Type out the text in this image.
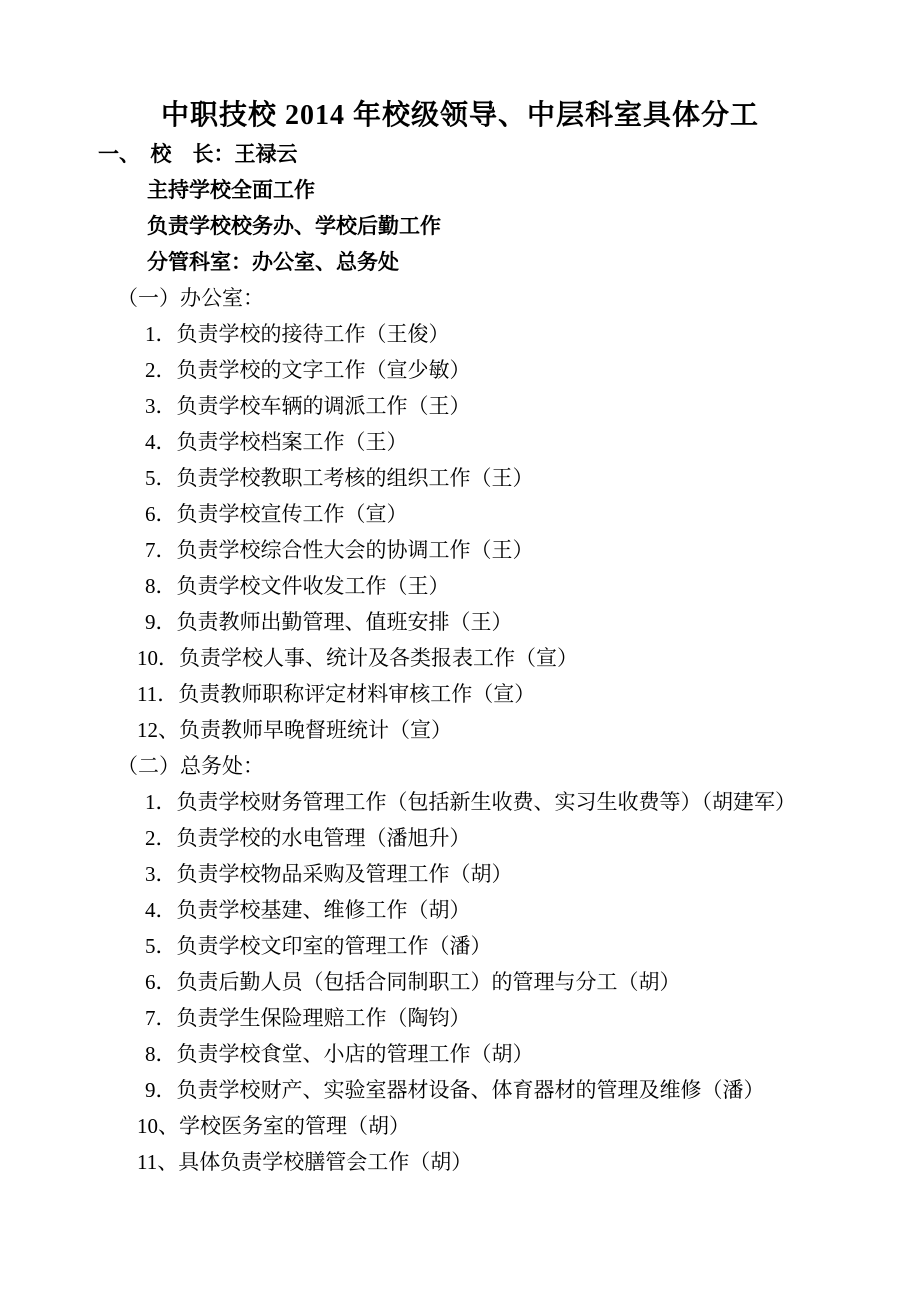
中职技校 2014 年校级领导、中层科室具体分工
一、　校　长：王禄云
主持学校全面工作
负责学校校务办、学校后勤工作
分管科室：办公室、总务处
（一）办公室：
1．负责学校的接待工作（王俊）
2．负责学校的文字工作（宣少敏）
3．负责学校车辆的调派工作（王）
4．负责学校档案工作（王）
5．负责学校教职工考核的组织工作（王）
6．负责学校宣传工作（宣）
7．负责学校综合性大会的协调工作（王）
8．负责学校文件收发工作（王）
9．负责教师出勤管理、值班安排（王）
10．负责学校人事、统计及各类报表工作（宣）
11．负责教师职称评定材料审核工作（宣）
12、负责教师早晚督班统计（宣）
（二）总务处：
1．负责学校财务管理工作（包括新生收费、实习生收费等）（胡建军）
2．负责学校的水电管理（潘旭升）
3．负责学校物品采购及管理工作（胡）
4．负责学校基建、维修工作（胡）
5．负责学校文印室的管理工作（潘）
6．负责后勤人员（包括合同制职工）的管理与分工（胡）
7．负责学生保险理赔工作（陶钧）
8．负责学校食堂、小店的管理工作（胡）
9．负责学校财产、实验室器材设备、体育器材的管理及维修（潘）
10、学校医务室的管理（胡）
11、具体负责学校膳管会工作（胡）
